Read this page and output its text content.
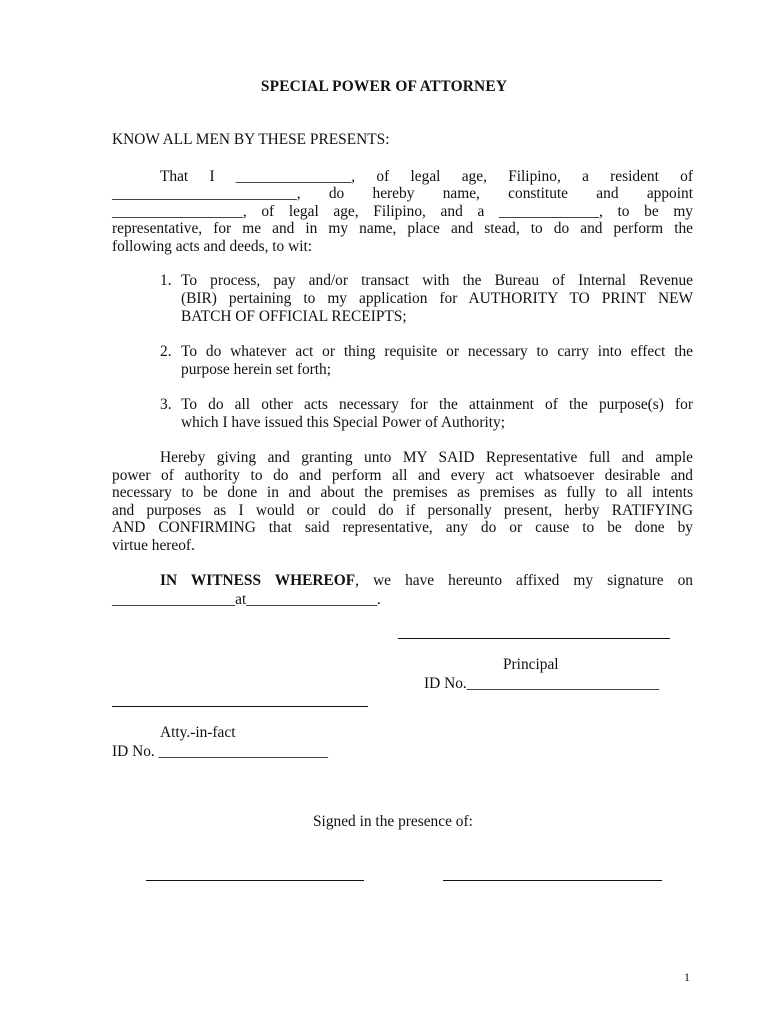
SPECIAL POWER OF ATTORNEY
KNOW ALL MEN BY THESE PRESENTS:
That I _______________, of legal age, Filipino, a resident of
________________________, do hereby name, constitute and appoint
_________________, of legal age, Filipino, and a _____________, to be my
representative, for me and in my name, place and stead, to do and perform the
following acts and deeds, to wit:
1. To process, pay and/or transact with the Bureau of Internal Revenue
(BIR) pertaining to my application for AUTHORITY TO PRINT NEW
BATCH OF OFFICIAL RECEIPTS;
2. To do whatever act or thing requisite or necessary to carry into effect the
purpose herein set forth;
3. To do all other acts necessary for the attainment of the purpose(s) for
which I have issued this Special Power of Authority;
Hereby giving and granting unto MY SAID Representative full and ample
power of authority to do and perform all and every act whatsoever desirable and
necessary to be done in and about the premises as premises as fully to all intents
and purposes as I would or could do if personally present, herby RATIFYING
AND CONFIRMING that said representative, any do or cause to be done by
virtue hereof.
IN WITNESS WHEREOF, we have hereunto affixed my signature on
________________at_________________.
Principal
ID No._________________________
Atty.-in-fact
ID No. ______________________
Signed in the presence of:
1
